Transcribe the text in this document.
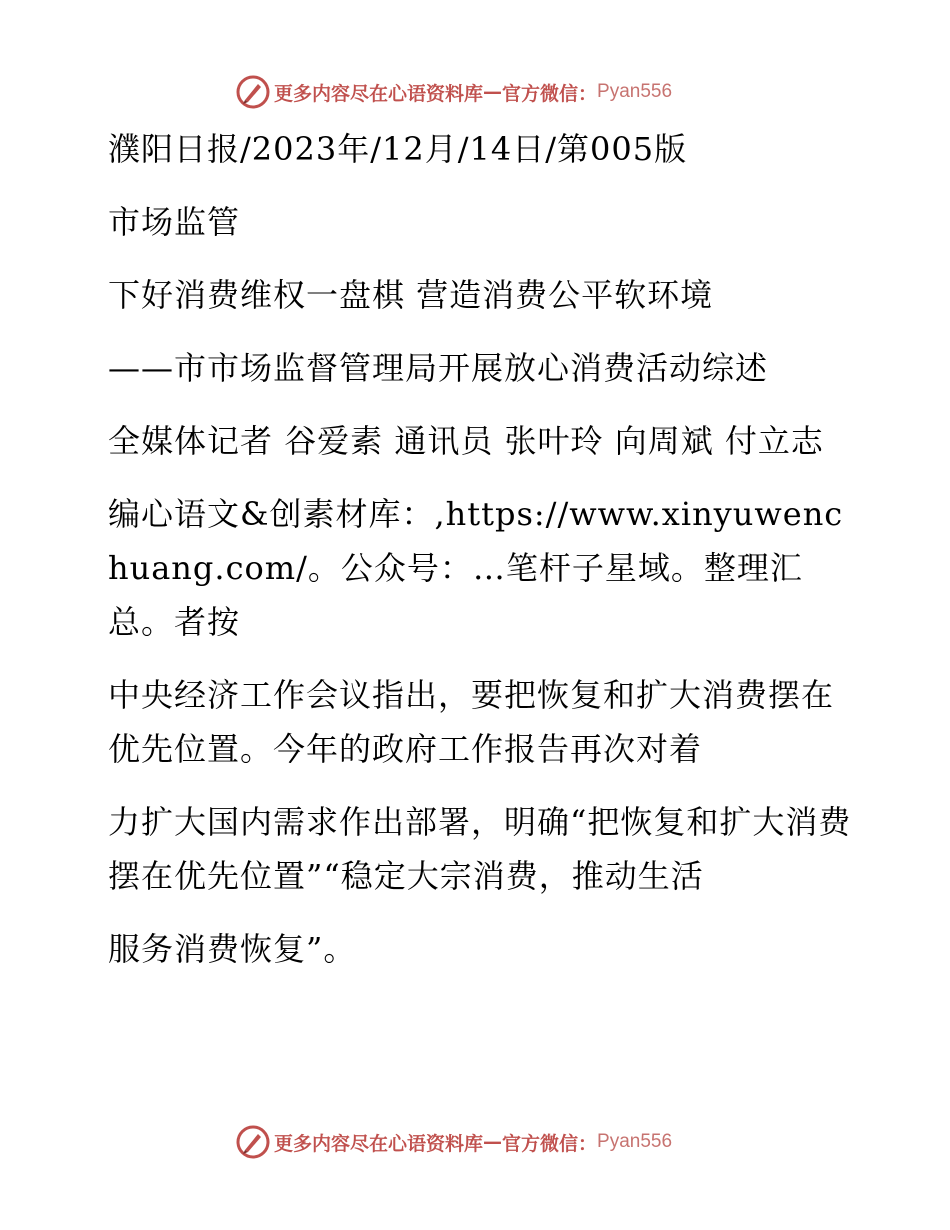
更多内容尽在心语资料库 — 官方微信： Pyan556

濮阳日报/2023年/12月/14日/第005版

市场监管

下好消费维权一盘棋 营造消费公平软环境

——市市场监督管理局开展放心消费活动综述

全媒体记者 谷爱素 通讯员 张叶玲 向周斌 付立志

编心语文&创素材库：,https://www.xinyuwenchuang.com/。公众号：…笔杆子星域。整理汇总。者按

中央经济工作会议指出，要把恢复和扩大消费摆在优先位置。今年的政府工作报告再次对着

力扩大国内需求作出部署，明确“把恢复和扩大消费摆在优先位置”“稳定大宗消费，推动生活

服务消费恢复”。

更多内容尽在心语资料库 — 官方微信： Pyan556
